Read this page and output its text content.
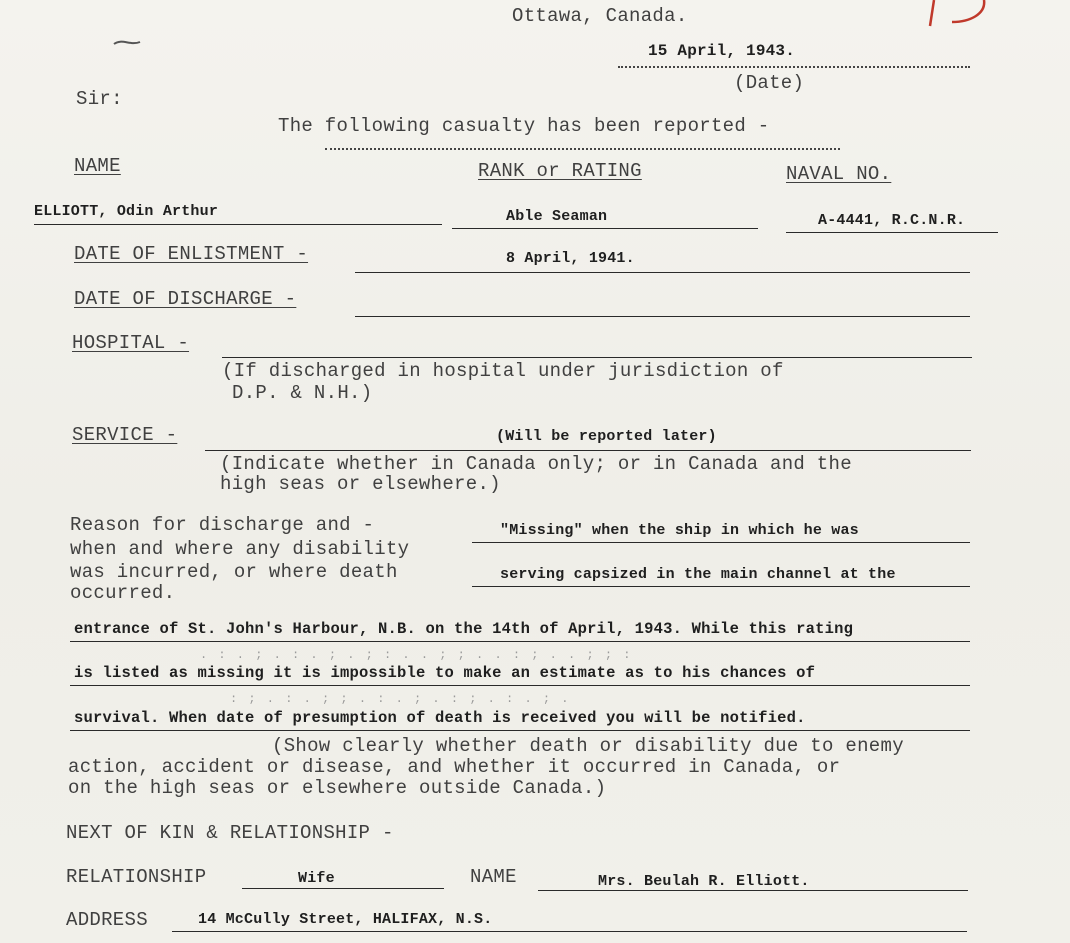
Ottawa, Canada.
15 April, 1943.
(Date)
Sir:
The following casualty has been reported -
NAME	RANK or RATING	NAVAL NO.
ELLIOTT, Odin Arthur	Able Seaman	A-4441, R.C.N.R.
DATE OF ENLISTMENT -	8 April, 1941.
DATE OF DISCHARGE -
HOSPITAL -
(If discharged in hospital under jurisdiction of
D.P. & N.H.)
SERVICE -	(Will be reported later)
(Indicate whether in Canada only; or in Canada and the
high seas or elsewhere.)
Reason for discharge and -
when and where any disability
was incurred, or where death
occurred.
"Missing" when the ship in which he was
serving capsized in the main channel at the
entrance of St. John's Harbour, N.B. on the 14th of April, 1943. While this rating
. : . ; . : . ; . ; : . . ; ; . . : ; . . ; ; :
is listed as missing it is impossible to make an estimate as to his chances of
: ; . : . ; ; . : . ; . : ; . : . ; .
survival. When date of presumption of death is received you will be notified.
(Show clearly whether death or disability due to enemy
action, accident or disease, and whether it occurred in Canada, or
on the high seas or elsewhere outside Canada.)
NEXT OF KIN & RELATIONSHIP -
RELATIONSHIP	Wife	NAME	Mrs. Beulah R. Elliott.
ADDRESS	14 McCully Street, HALIFAX, N.S.
